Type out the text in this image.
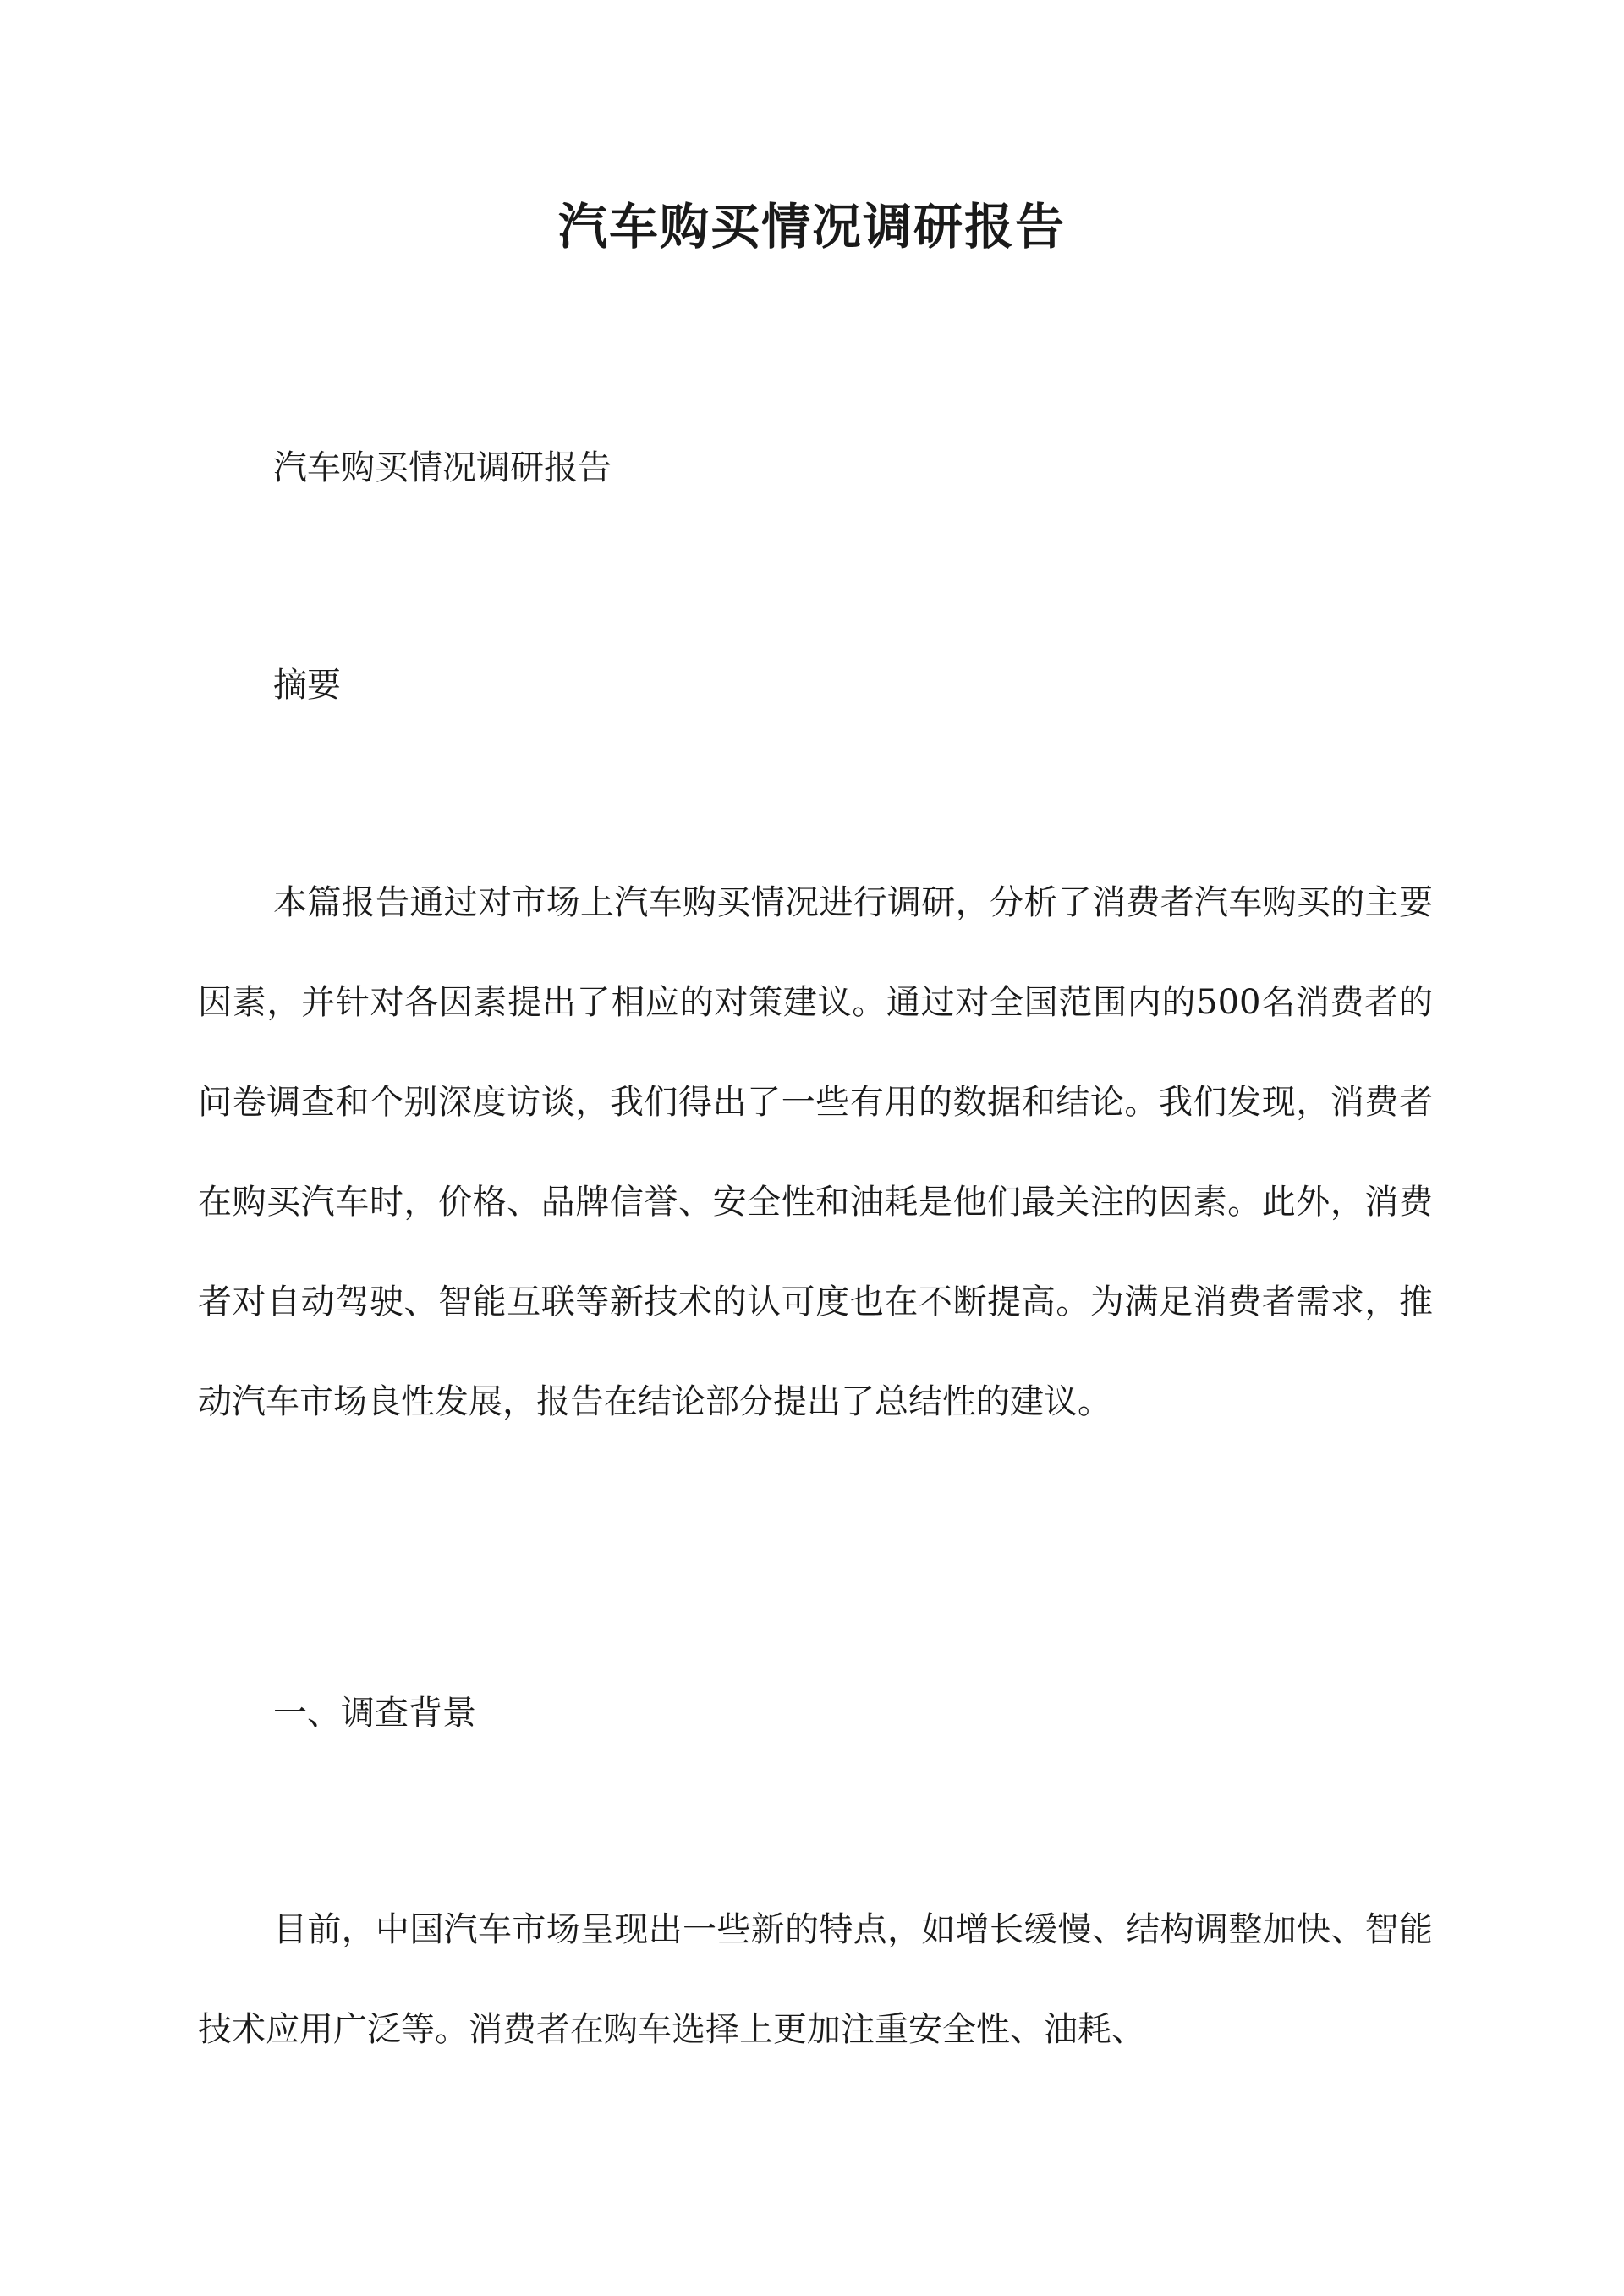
汽车购买情况调研报告

汽车购买情况调研报告

摘要

本篇报告通过对市场上汽车购买情况进行调研，分析了消费者汽车购买的主要因素，并针对各因素提出了相应的对策建议。通过对全国范围内的500名消费者的问卷调查和个别深度访谈，我们得出了一些有用的数据和结论。我们发现，消费者在购买汽车时，价格、品牌信誉、安全性和油耗是他们最关注的因素。此外，消费者对自动驾驶、智能互联等新技术的认可度也在不断提高。为满足消费者需求，推动汽车市场良性发展，报告在结论部分提出了总结性的建议。

一、调查背景

目前，中国汽车市场呈现出一些新的特点，如增长缓慢、结构调整加快、智能技术应用广泛等。消费者在购车选择上更加注重安全性、油耗、
